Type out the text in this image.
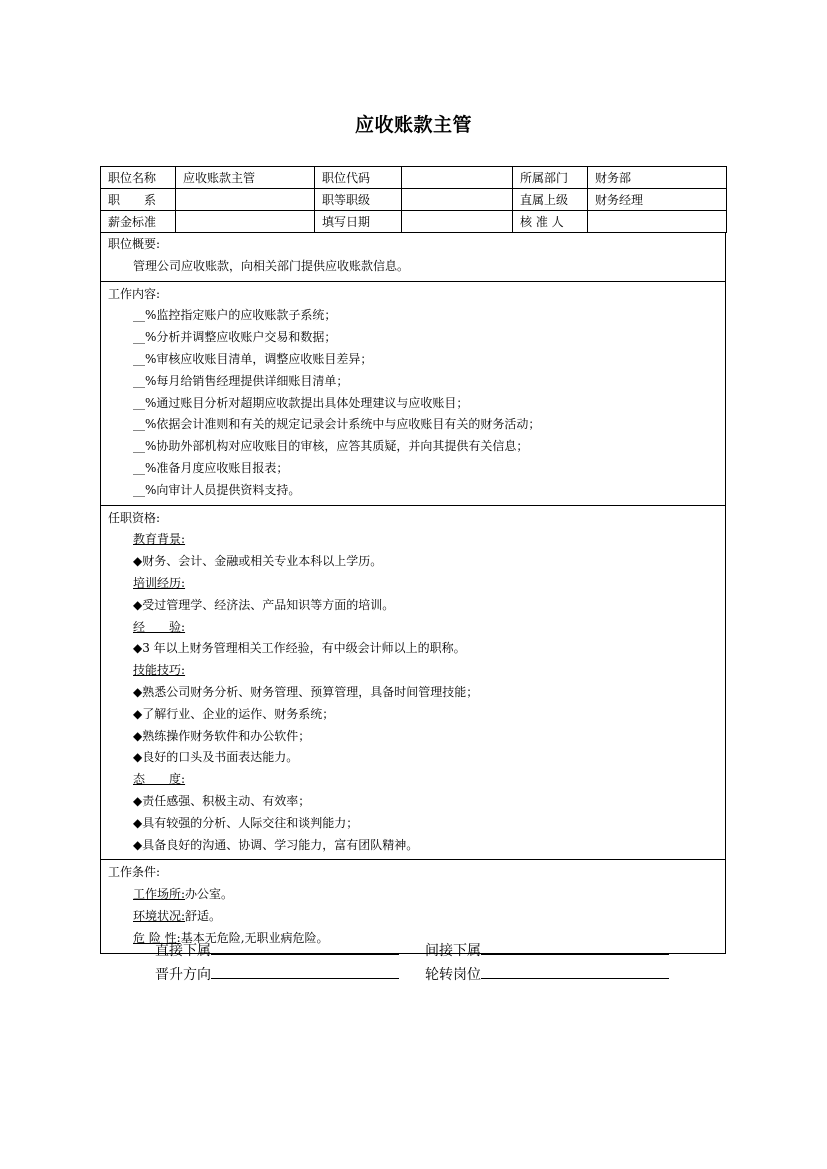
应收账款主管
职位名称	应收账款主管	职位代码		所属部门	财务部
职　　系		职等职级		直属上级	财务经理
薪金标准		填写日期		核 准 人	
职位概要:
管理公司应收账款，向相关部门提供应收账款信息。
工作内容:
__%监控指定账户的应收账款子系统；
__%分析并调整应收账户交易和数据；
__%审核应收账目清单，调整应收账目差异；
__%每月给销售经理提供详细账目清单；
__%通过账目分析对超期应收款提出具体处理建议与应收账目；
__%依据会计准则和有关的规定记录会计系统中与应收账目有关的财务活动；
__%协助外部机构对应收账目的审核，应答其质疑，并向其提供有关信息；
__%准备月度应收账目报表；
__%向审计人员提供资料支持。
任职资格:
教育背景:
◆财务、会计、金融或相关专业本科以上学历。
培训经历:
◆受过管理学、经济法、产品知识等方面的培训。
经　　验:
◆3 年以上财务管理相关工作经验，有中级会计师以上的职称。
技能技巧:
◆熟悉公司财务分析、财务管理、预算管理，具备时间管理技能；
◆了解行业、企业的运作、财务系统；
◆熟练操作财务软件和办公软件；
◆良好的口头及书面表达能力。
态　　度:
◆责任感强、积极主动、有效率；
◆具有较强的分析、人际交往和谈判能力；
◆具备良好的沟通、协调、学习能力，富有团队精神。
工作条件:
工作场所:办公室。
环境状况:舒适。
危 险 性:基本无危险,无职业病危险。
直接下属	间接下属
晋升方向	轮转岗位
